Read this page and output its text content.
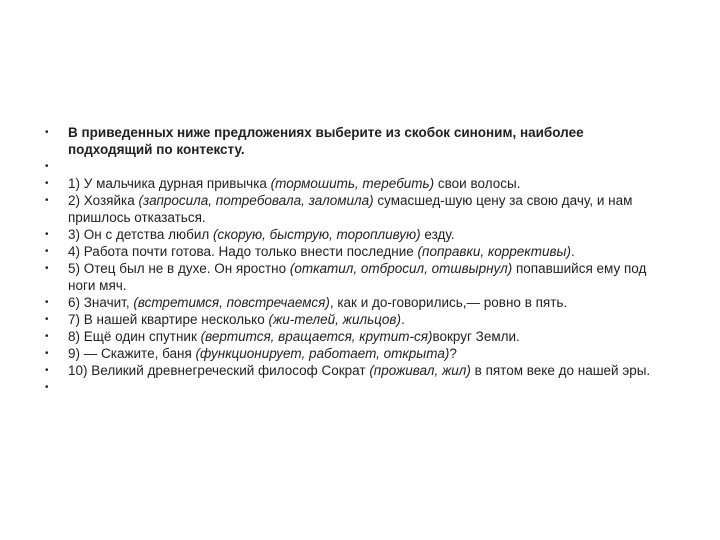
•	В приведенных ниже предложениях выберите из скобок синоним, наиболее подходящий по контексту.
•
•	1) У мальчика дурная привычка (тормошить, теребить) свои волосы.
•	2) Хозяйка (запросила, потребовала, заломила) сумасшед-шую цену за свою дачу, и нам пришлось отказаться.
•	3) Он с детства любил (скорую, быструю, торопливую) езду.
•	4) Работа почти готова. Надо только внести последние (поправки, коррективы).
•	5) Отец был не в духе. Он яростно (откатил, отбросил, отшвырнул) попавшийся ему под ноги мяч.
•	6) Значит, (встретимся, повстречаемся), как и до-говорились,— ровно в пять.
•	7) В нашей квартире несколько (жи-телей, жильцов).
•	8) Ещё один спутник (вертится, вращается, крутит-ся)вокруг Земли.
•	9) — Скажите, баня (функционирует, работает, открыта)?
•	10) Великий древнегреческий философ Сократ (проживал, жил) в пятом веке до нашей эры.
•
